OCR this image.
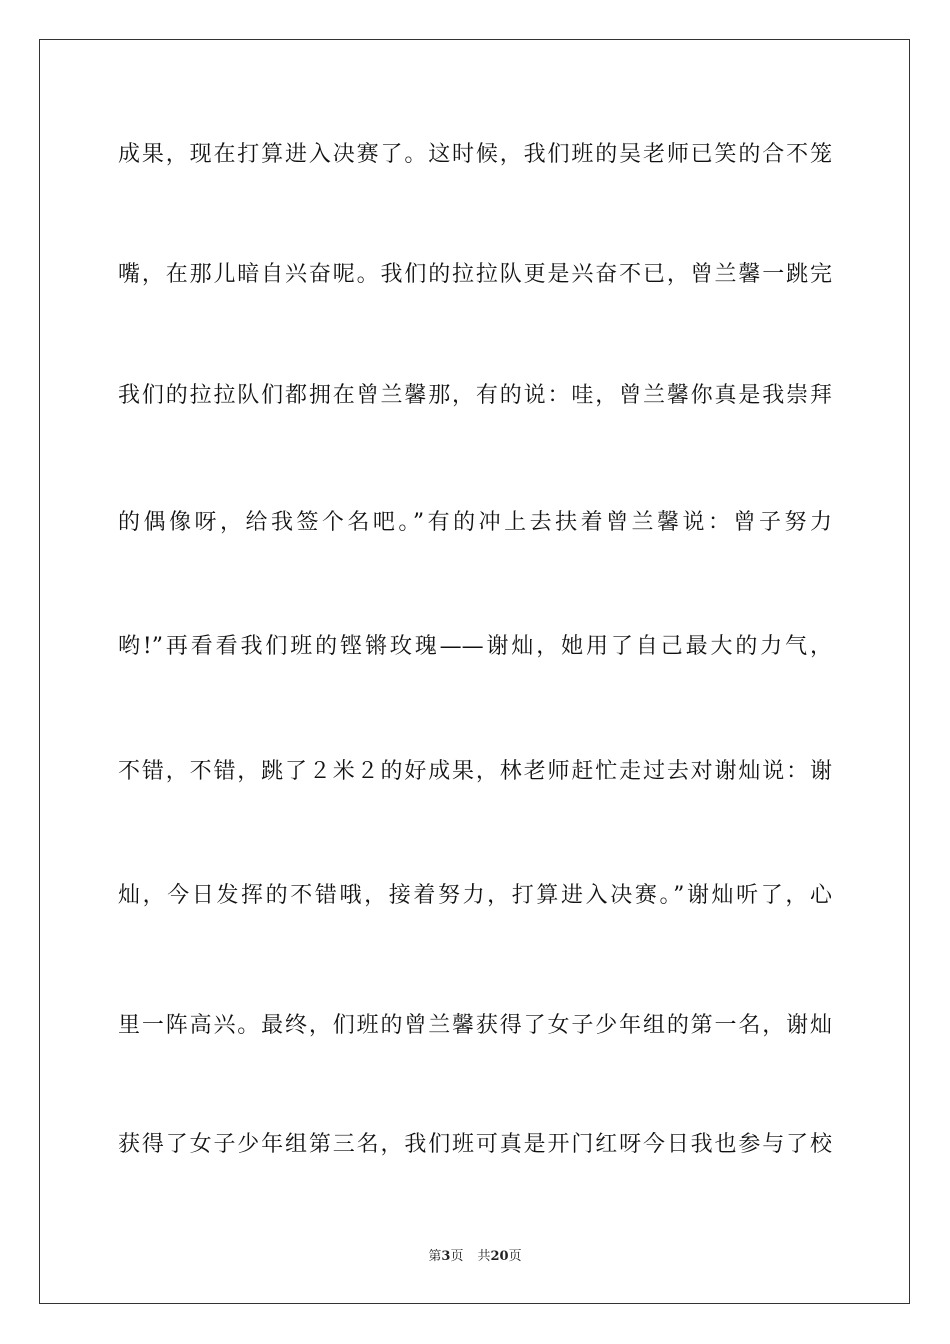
成果，现在打算进入决赛了。这时候，我们班的吴老师已笑的合不笼
嘴，在那儿暗自兴奋呢。我们的拉拉队更是兴奋不已，曾兰馨一跳完
我们的拉拉队们都拥在曾兰馨那，有的说：哇，曾兰馨你真是我崇拜
的偶像呀，给我签个名吧。”有的冲上去扶着曾兰馨说：曾子努力
哟!”再看看我们班的铿锵玫瑰——谢灿，她用了自己最大的力气，
不错，不错，跳了２米２的好成果，林老师赶忙走过去对谢灿说：谢
灿，今日发挥的不错哦，接着努力，打算进入决赛。”谢灿听了，心
里一阵高兴。最终，们班的曾兰馨获得了女子少年组的第一名，谢灿
获得了女子少年组第三名，我们班可真是开门红呀今日我也参与了校
第3页 共20页
